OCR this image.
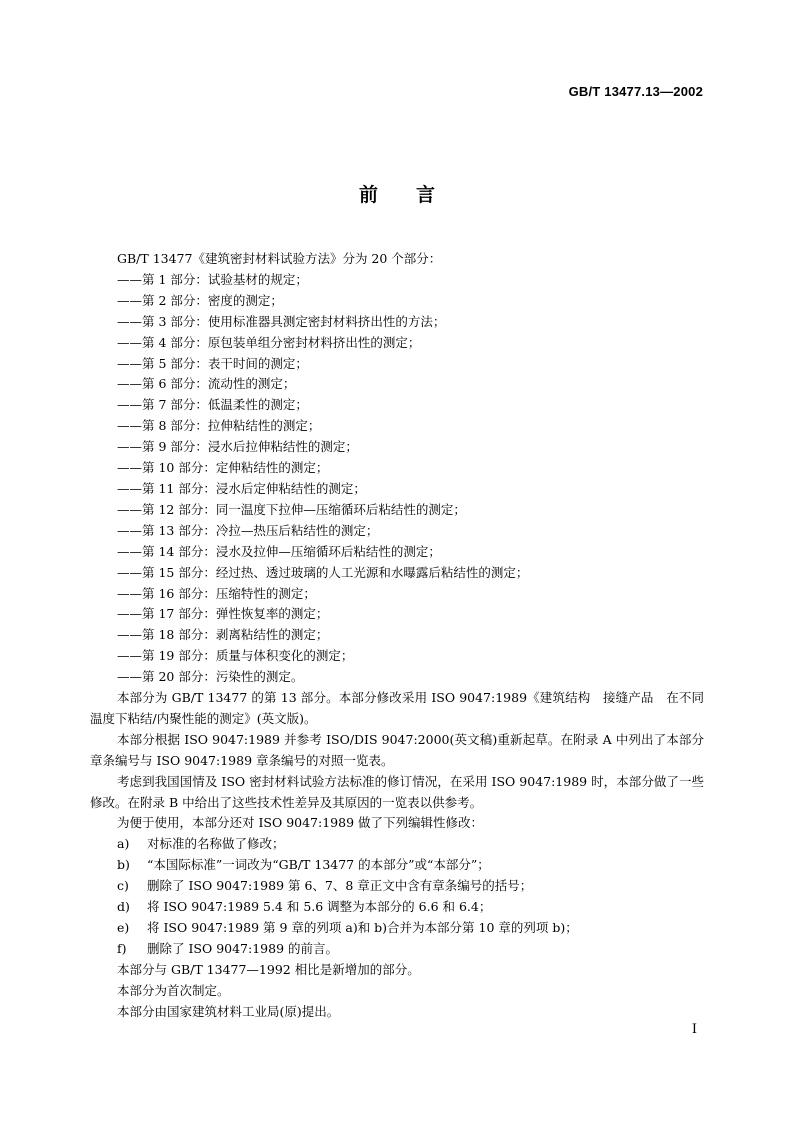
GB/T 13477.13—2002
前 言
GB/T 13477《建筑密封材料试验方法》分为 20 个部分：
——第 1 部分：试验基材的规定；
——第 2 部分：密度的测定；
——第 3 部分：使用标准器具测定密封材料挤出性的方法；
——第 4 部分：原包装单组分密封材料挤出性的测定；
——第 5 部分：表干时间的测定；
——第 6 部分：流动性的测定；
——第 7 部分：低温柔性的测定；
——第 8 部分：拉伸粘结性的测定；
——第 9 部分：浸水后拉伸粘结性的测定；
——第 10 部分：定伸粘结性的测定；
——第 11 部分：浸水后定伸粘结性的测定；
——第 12 部分：同一温度下拉伸—压缩循环后粘结性的测定；
——第 13 部分：冷拉—热压后粘结性的测定；
——第 14 部分：浸水及拉伸—压缩循环后粘结性的测定；
——第 15 部分：经过热、透过玻璃的人工光源和水曝露后粘结性的测定；
——第 16 部分：压缩特性的测定；
——第 17 部分：弹性恢复率的测定；
——第 18 部分：剥离粘结性的测定；
——第 19 部分：质量与体积变化的测定；
——第 20 部分：污染性的测定。
本部分为 GB/T 13477 的第 13 部分。本部分修改采用 ISO 9047:1989《建筑结构　接缝产品　在不同温度下粘结/内聚性能的测定》(英文版)。
本部分根据 ISO 9047:1989 并参考 ISO/DIS 9047:2000(英文稿)重新起草。在附录 A 中列出了本部分章条编号与 ISO 9047:1989 章条编号的对照一览表。
考虑到我国国情及 ISO 密封材料试验方法标准的修订情况，在采用 ISO 9047:1989 时，本部分做了一些修改。在附录 B 中给出了这些技术性差异及其原因的一览表以供参考。
为便于使用，本部分还对 ISO 9047:1989 做了下列编辑性修改：
a) 对标准的名称做了修改；
b) “本国际标准”一词改为“GB/T 13477 的本部分”或“本部分”；
c) 删除了 ISO 9047:1989 第 6、7、8 章正文中含有章条编号的括号；
d) 将 ISO 9047:1989 5.4 和 5.6 调整为本部分的 6.6 和 6.4；
e) 将 ISO 9047:1989 第 9 章的列项 a)和 b)合并为本部分第 10 章的列项 b)；
f) 删除了 ISO 9047:1989 的前言。
本部分与 GB/T 13477—1992 相比是新增加的部分。
本部分为首次制定。
本部分由国家建筑材料工业局(原)提出。
I
